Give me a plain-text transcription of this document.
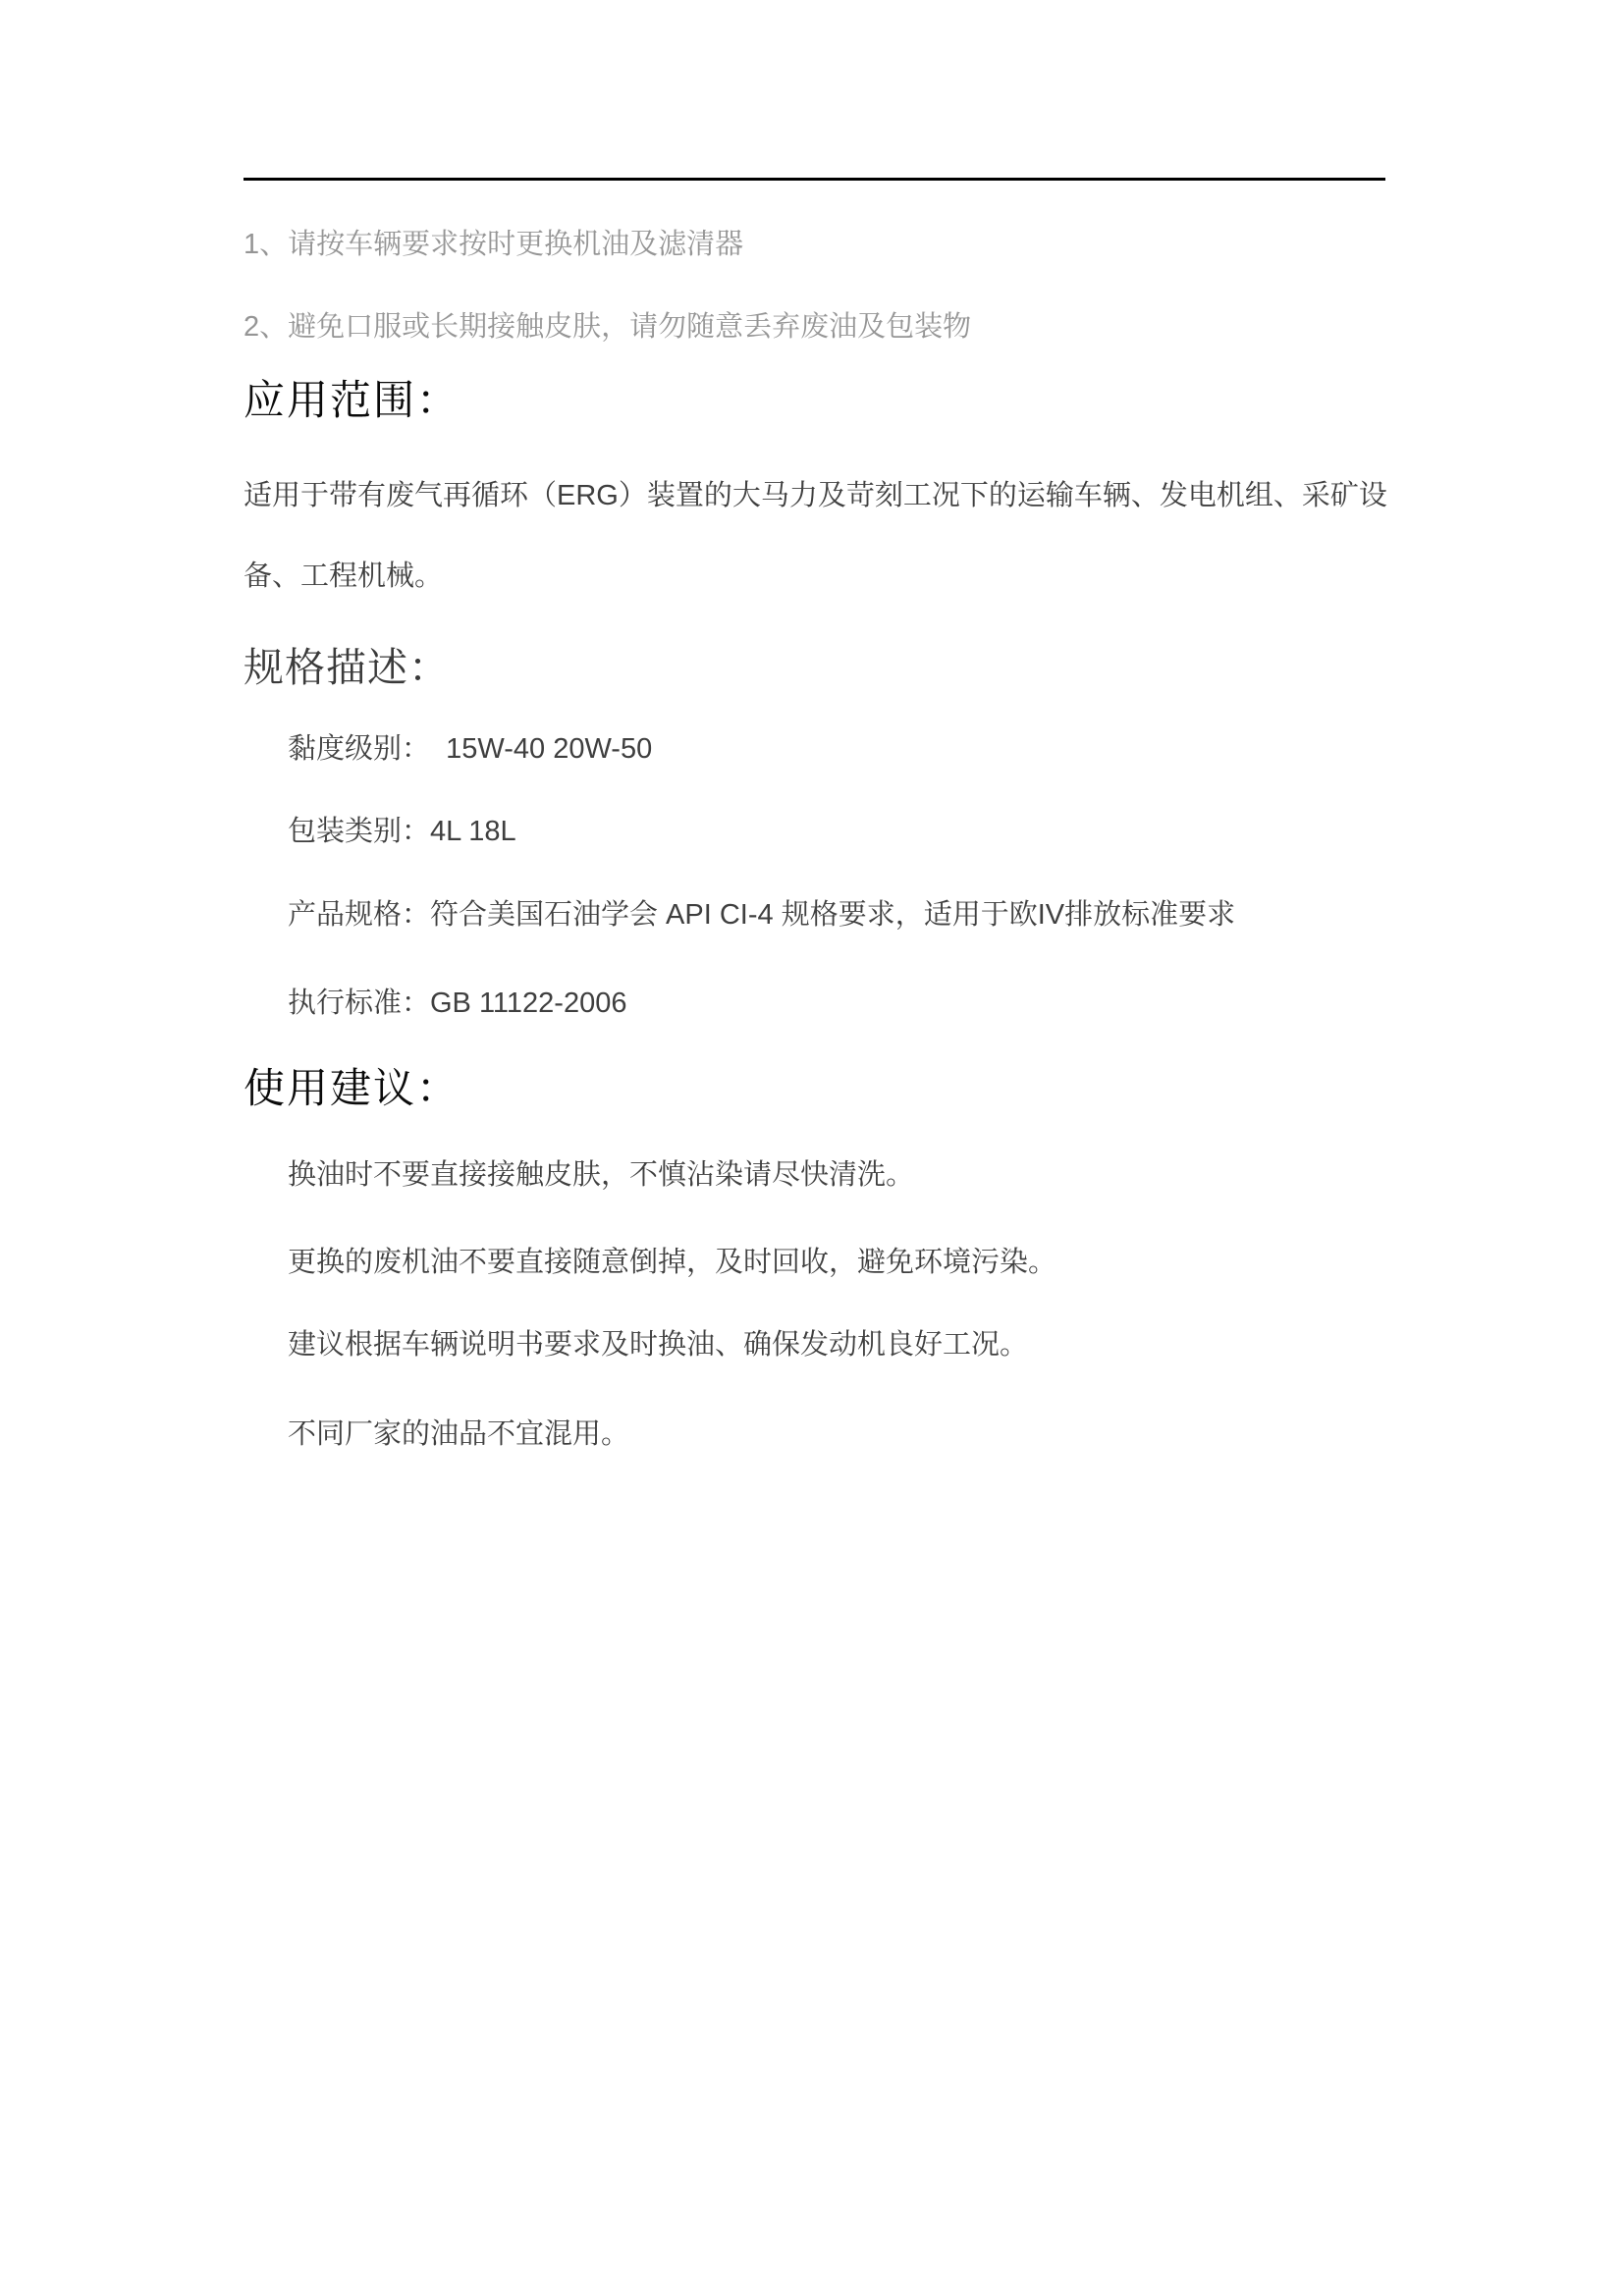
1、请按车辆要求按时更换机油及滤清器
2、避免口服或长期接触皮肤，请勿随意丢弃废油及包装物
应用范围：
适用于带有废气再循环（ERG）装置的大马力及苛刻工况下的运输车辆、发电机组、采矿设
备、工程机械。
规格描述：
黏度级别：  15W-40 20W-50
包装类别：4L 18L
产品规格：符合美国石油学会 API CI-4 规格要求，适用于欧IV排放标准要求
执行标准：GB 11122-2006
使用建议：
换油时不要直接接触皮肤，不慎沾染请尽快清洗。
更换的废机油不要直接随意倒掉，及时回收，避免环境污染。
建议根据车辆说明书要求及时换油、确保发动机良好工况。
不同厂家的油品不宜混用。
